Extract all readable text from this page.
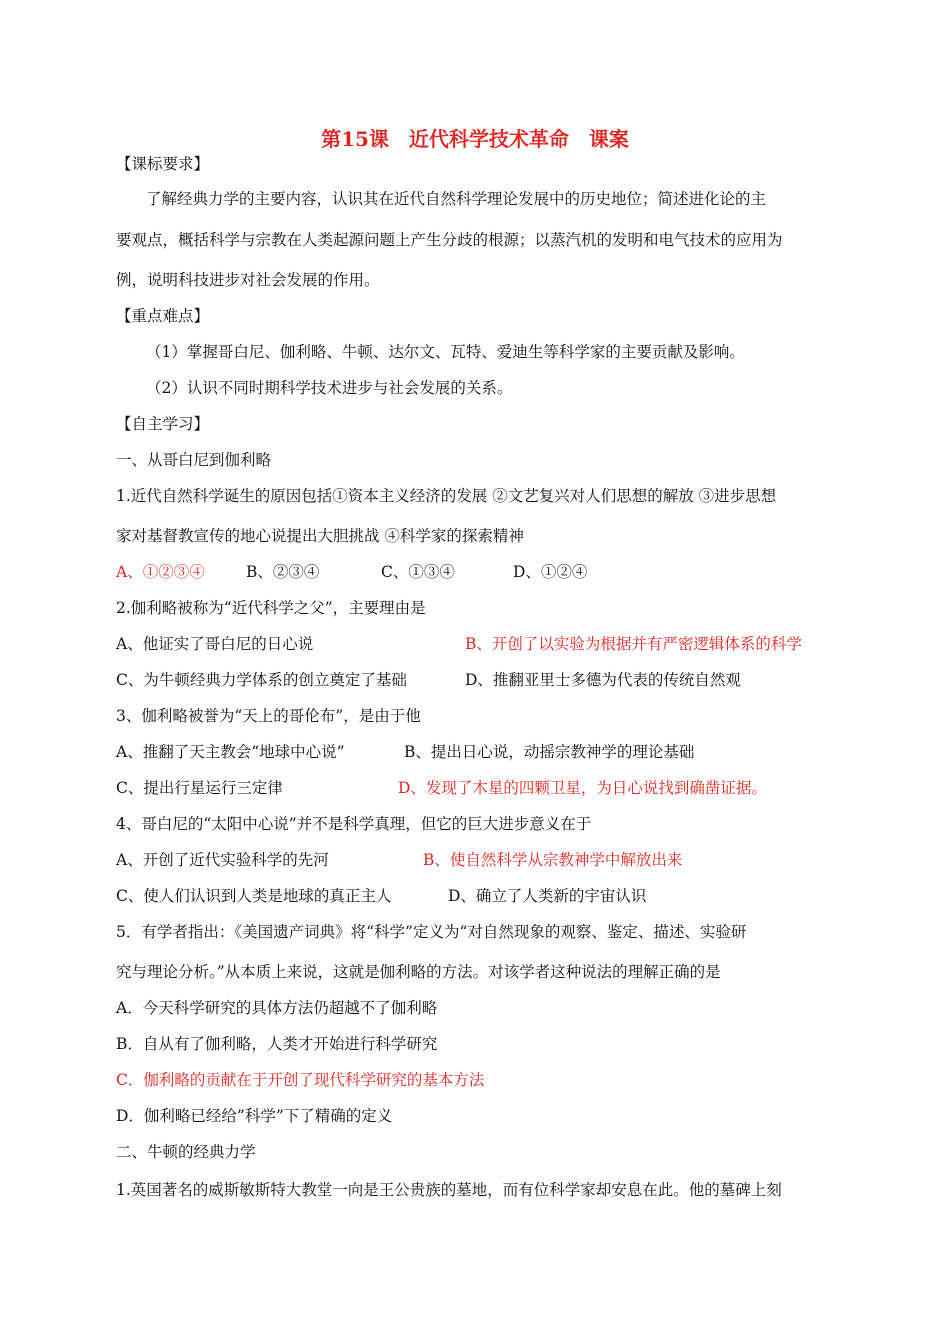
第15课　近代科学技术革命　课案
【课标要求】
了解经典力学的主要内容，认识其在近代自然科学理论发展中的历史地位；简述进化论的主
要观点，概括科学与宗教在人类起源问题上产生分歧的根源；以蒸汽机的发明和电气技术的应用为
例，说明科技进步对社会发展的作用。
【重点难点】
（1）掌握哥白尼、伽利略、牛顿、达尔文、瓦特、爱迪生等科学家的主要贡献及影响。
（2）认识不同时期科学技术进步与社会发展的关系。
【自主学习】
一、从哥白尼到伽利略
1.近代自然科学诞生的原因包括①资本主义经济的发展 ②文艺复兴对人们思想的解放 ③进步思想
家对基督教宣传的地心说提出大胆挑战 ④科学家的探索精神
A、①②③④	B、②③④	C、①③④	D、①②④
2.伽利略被称为“近代科学之父”，主要理由是
A、他证实了哥白尼的日心说	B、开创了以实验为根据并有严密逻辑体系的科学
C、为牛顿经典力学体系的创立奠定了基础	D、推翻亚里士多德为代表的传统自然观
3、伽利略被誉为“天上的哥伦布”，是由于他
A、推翻了天主教会“地球中心说”	B、提出日心说，动摇宗教神学的理论基础
C、提出行星运行三定律	D、发现了木星的四颗卫星，为日心说找到确凿证据。
4、哥白尼的“太阳中心说”并不是科学真理，但它的巨大进步意义在于
A、开创了近代实验科学的先河	B、使自然科学从宗教神学中解放出来
C、使人们认识到人类是地球的真正主人	D、确立了人类新的宇宙认识
5．有学者指出：《美国遗产词典》将“科学”定义为“对自然现象的观察、鉴定、描述、实验研
究与理论分析。”从本质上来说，这就是伽利略的方法。对该学者这种说法的理解正确的是
A．今天科学研究的具体方法仍超越不了伽利略
B．自从有了伽利略，人类才开始进行科学研究
C．伽利略的贡献在于开创了现代科学研究的基本方法
D．伽利略已经给”科学”下了精确的定义
二、牛顿的经典力学
1.英国著名的威斯敏斯特大教堂一向是王公贵族的墓地，而有位科学家却安息在此。他的墓碑上刻
